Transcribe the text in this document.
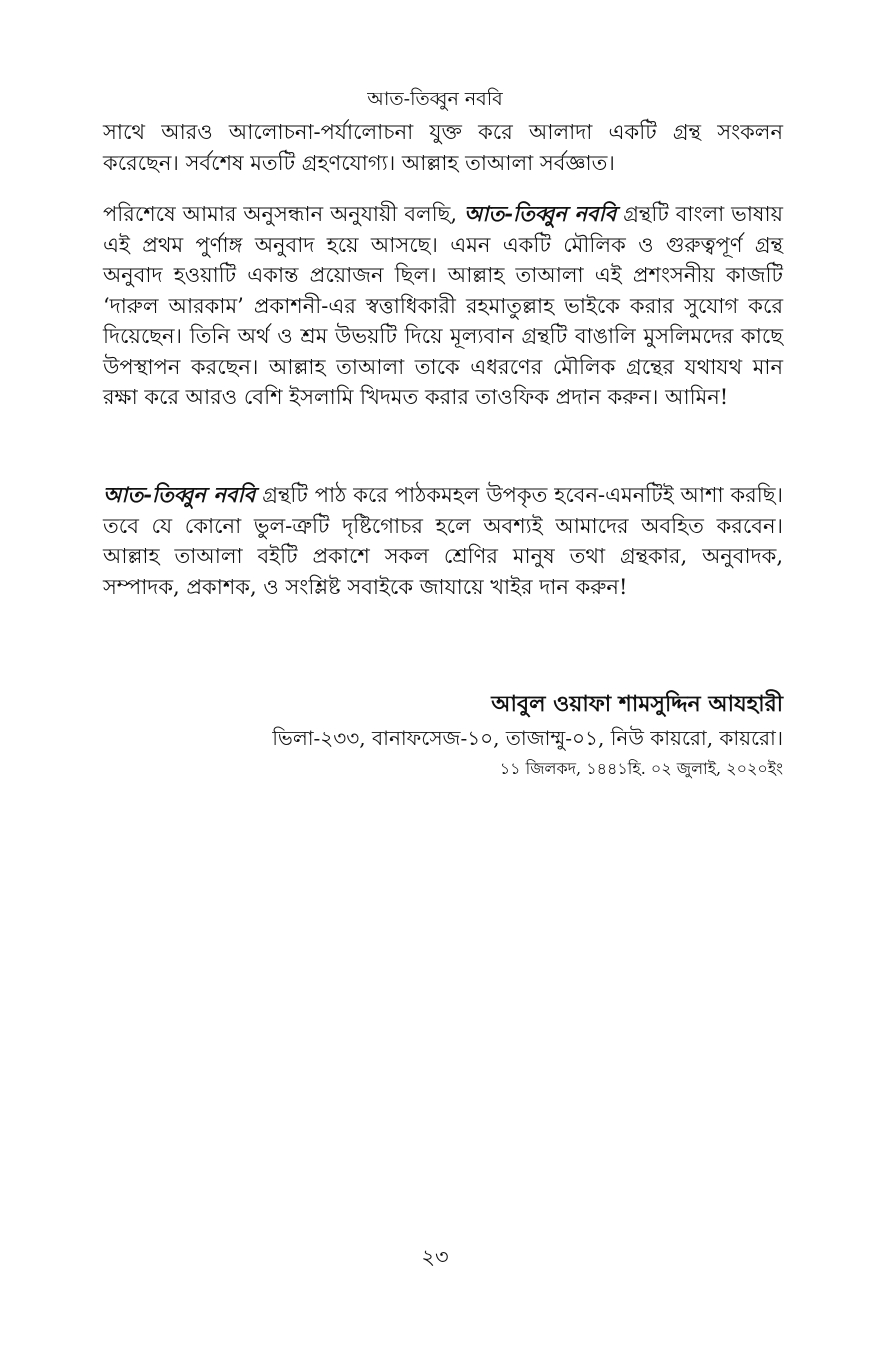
আত-তিব্বুন নববি

সাথে আরও আলোচনা-পর্যালোচনা যুক্ত করে আলাদা একটি গ্রন্থ সংকলন করেছেন। সর্বশেষ মতটি গ্রহণযোগ্য। আল্লাহ তাআলা সর্বজ্ঞাত।

পরিশেষে আমার অনুসন্ধান অনুযায়ী বলছি, আত-তিব্বুন নববি গ্রন্থটি বাংলা ভাষায় এই প্রথম পুর্ণাঙ্গ অনুবাদ হয়ে আসছে। এমন একটি মৌলিক ও গুরুত্বপূর্ণ গ্রন্থ অনুবাদ হওয়াটি একান্ত প্রয়োজন ছিল। আল্লাহ তাআলা এই প্রশংসনীয় কাজটি ‘দারুল আরকাম’ প্রকাশনী-এর স্বত্তাধিকারী রহমাতুল্লাহ ভাইকে করার সুযোগ করে দিয়েছেন। তিনি অর্থ ও শ্রম উভয়টি দিয়ে মূল্যবান গ্রন্থটি বাঙালি মুসলিমদের কাছে উপস্থাপন করছেন। আল্লাহ তাআলা তাকে এধরণের মৌলিক গ্রন্থের যথাযথ মান রক্ষা করে আরও বেশি ইসলামি খিদমত করার তাওফিক প্রদান করুন। আমিন!

আত-তিব্বুন নববি গ্রন্থটি পাঠ করে পাঠকমহল উপকৃত হবেন-এমনটিই আশা করছি। তবে যে কোনো ভুল-ত্রুটি দৃষ্টিগোচর হলে অবশ্যই আমাদের অবহিত করবেন। আল্লাহ তাআলা বইটি প্রকাশে সকল শ্রেণির মানুষ তথা গ্রন্থকার, অনুবাদক, সম্পাদক, প্রকাশক, ও সংশ্লিষ্ট সবাইকে জাযায়ে খাইর দান করুন!

আবুল ওয়াফা শামসুদ্দিন আযহারী
ভিলা-২৩৩, বানাফসেজ-১০, তাজাম্মু-০১, নিউ কায়রো, কায়রো।
১১ জিলকদ, ১৪৪১হি. ০২ জুলাই, ২০২০ইং
২৩
